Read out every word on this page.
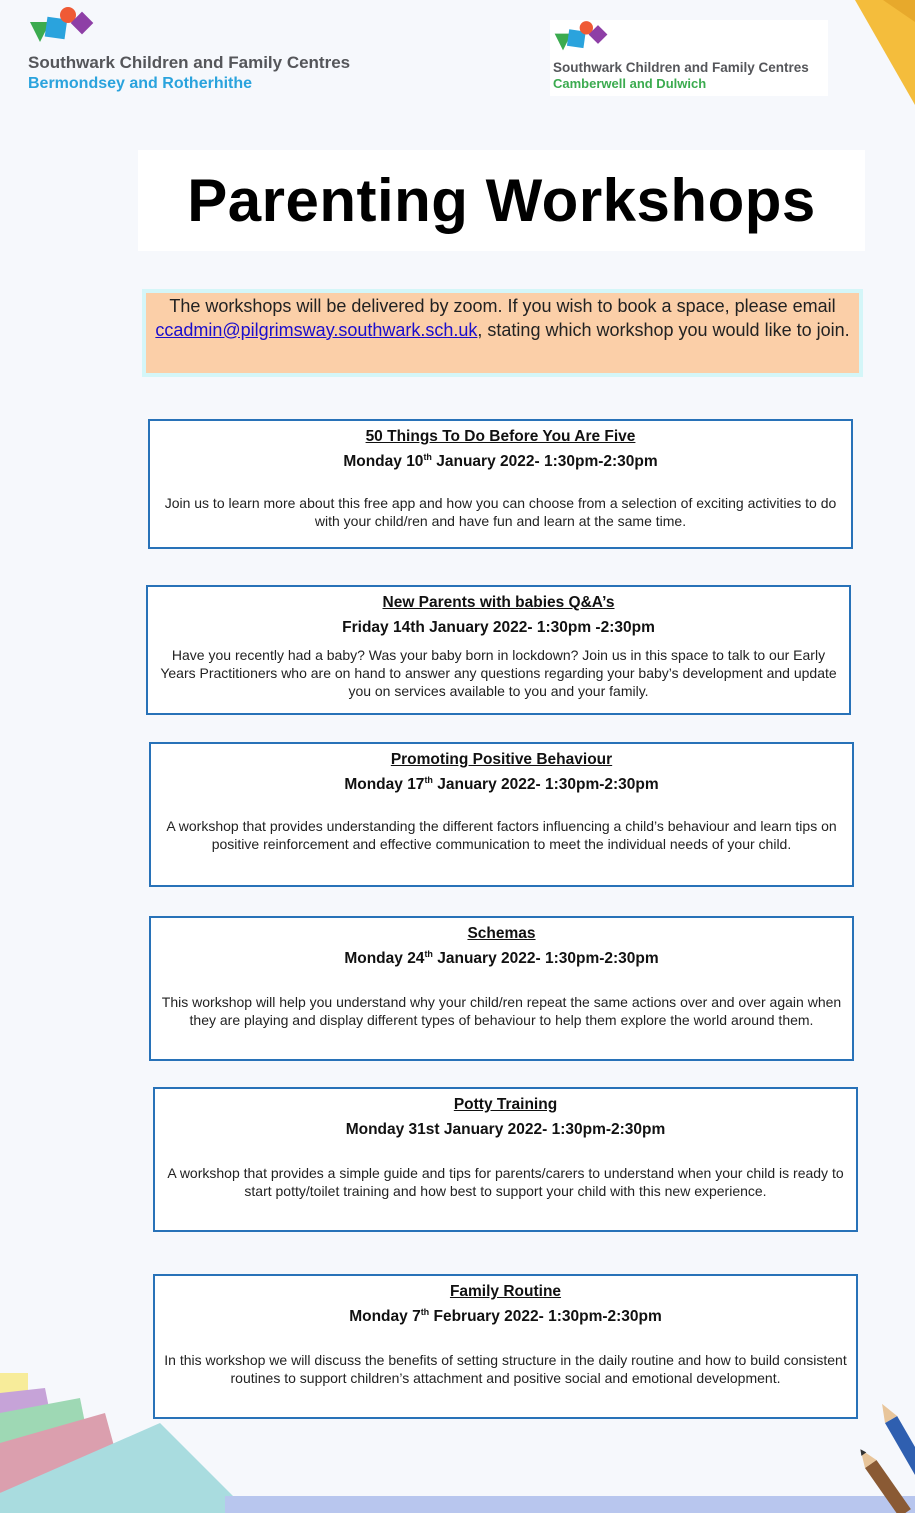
Southwark Children and Family Centres
Bermondsey and Rotherhithe
Southwark Children and Family Centres
Camberwell and Dulwich
Parenting Workshops
The workshops will be delivered by zoom. If you wish to book a space, please email ccadmin@pilgrimsway.southwark.sch.uk, stating which workshop you would like to join.
50 Things To Do Before You Are Five
Monday 10th January 2022- 1:30pm-2:30pm
Join us to learn more about this free app and how you can choose from a selection of exciting activities to do with your child/ren and have fun and learn at the same time.
New Parents with babies Q&A’s
Friday 14th January 2022- 1:30pm -2:30pm
Have you recently had a baby? Was your baby born in lockdown? Join us in this space to talk to our Early Years Practitioners who are on hand to answer any questions regarding your baby’s development and update you on services available to you and your family.
Promoting Positive Behaviour
Monday 17th January 2022- 1:30pm-2:30pm
A workshop that provides understanding the different factors influencing a child’s behaviour and learn tips on positive reinforcement and effective communication to meet the individual needs of your child.
Schemas
Monday 24th January 2022- 1:30pm-2:30pm
This workshop will help you understand why your child/ren repeat the same actions over and over again when they are playing and display different types of behaviour to help them explore the world around them.
Potty Training
Monday 31st January 2022- 1:30pm-2:30pm
A workshop that provides a simple guide and tips for parents/carers to understand when your child is ready to start potty/toilet training and how best to support your child with this new experience.
Family Routine
Monday 7th February 2022- 1:30pm-2:30pm
In this workshop we will discuss the benefits of setting structure in the daily routine and how to build consistent routines to support children’s attachment and positive social and emotional development.
